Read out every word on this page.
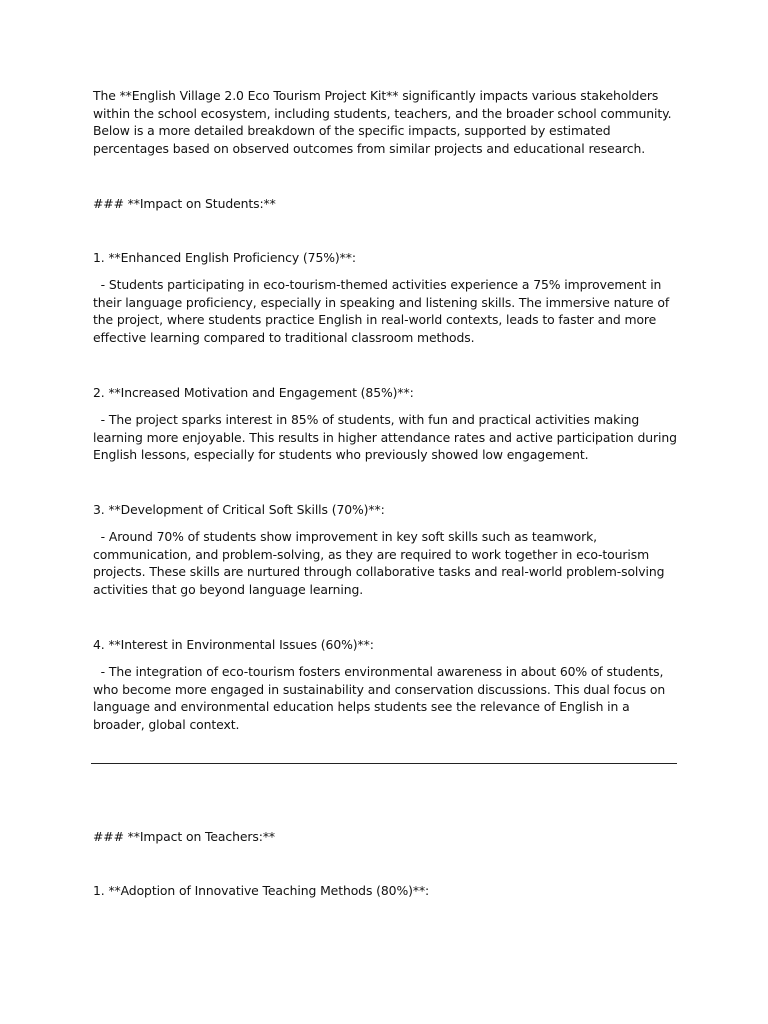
The **English Village 2.0 Eco Tourism Project Kit** significantly impacts various stakeholders within the school ecosystem, including students, teachers, and the broader school community. Below is a more detailed breakdown of the specific impacts, supported by estimated percentages based on observed outcomes from similar projects and educational research.

### **Impact on Students:**

1. **Enhanced English Proficiency (75%)**:

- Students participating in eco-tourism-themed activities experience a 75% improvement in their language proficiency, especially in speaking and listening skills. The immersive nature of the project, where students practice English in real-world contexts, leads to faster and more effective learning compared to traditional classroom methods.

2. **Increased Motivation and Engagement (85%)**:

- The project sparks interest in 85% of students, with fun and practical activities making learning more enjoyable. This results in higher attendance rates and active participation during English lessons, especially for students who previously showed low engagement.

3. **Development of Critical Soft Skills (70%)**:

- Around 70% of students show improvement in key soft skills such as teamwork, communication, and problem-solving, as they are required to work together in eco-tourism projects. These skills are nurtured through collaborative tasks and real-world problem-solving activities that go beyond language learning.

4. **Interest in Environmental Issues (60%)**:

- The integration of eco-tourism fosters environmental awareness in about 60% of students, who become more engaged in sustainability and conservation discussions. This dual focus on language and environmental education helps students see the relevance of English in a broader, global context.

### **Impact on Teachers:**

1. **Adoption of Innovative Teaching Methods (80%)**:
